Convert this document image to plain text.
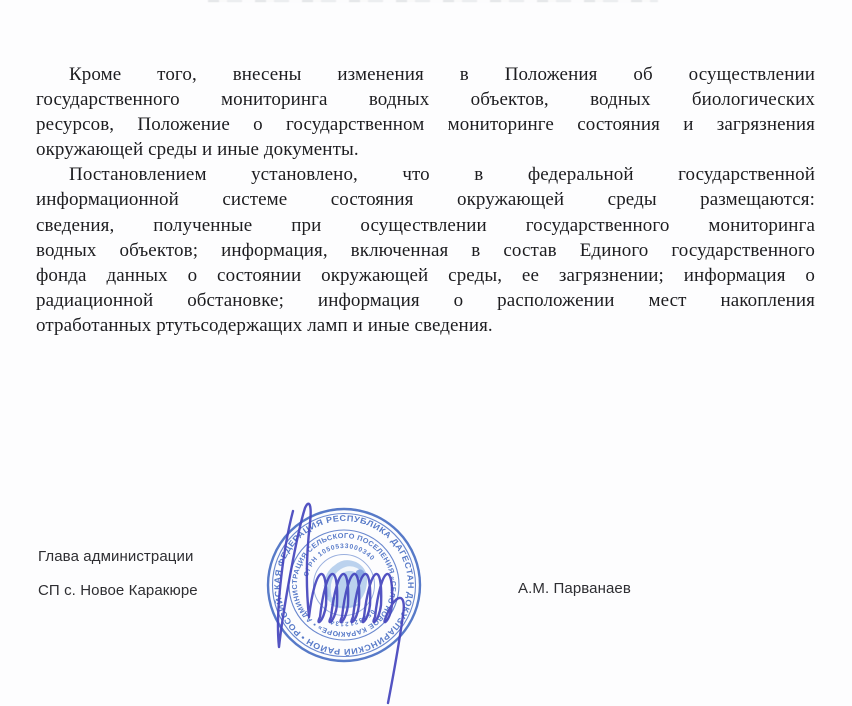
Кроме того, внесены изменения в Положения об осуществлении
государственного мониторинга водных объектов, водных биологических
ресурсов, Положение о государственном мониторинге состояния и загрязнения
окружающей среды и иные документы.
Постановлением установлено, что в федеральной государственной
информационной системе состояния окружающей среды размещаются:
сведения, полученные при осуществлении государственного мониторинга
водных объектов; информация, включенная в состав Единого государственного
фонда данных о состоянии окружающей среды, ее загрязнении; информация о
радиационной обстановке; информация о расположении мест накопления
отработанных ртутьсодержащих ламп и иные сведения.
Глава администрации
СП с. Новое Каракюре	А.М. Парванаев
РОССИЙСКАЯ ФЕДЕРАЦИЯ РЕСПУБЛИКА ДАГЕСТАН ДОКУЗПАРИНСКИЙ РАЙОН •
АДМИНИСТРАЦИЯ СЕЛЬСКОГО ПОСЕЛЕНИЯ «СЕЛО НОВОЕ КАРАКЮРЕ» •
ОГРН 1050533000340
0553212134
